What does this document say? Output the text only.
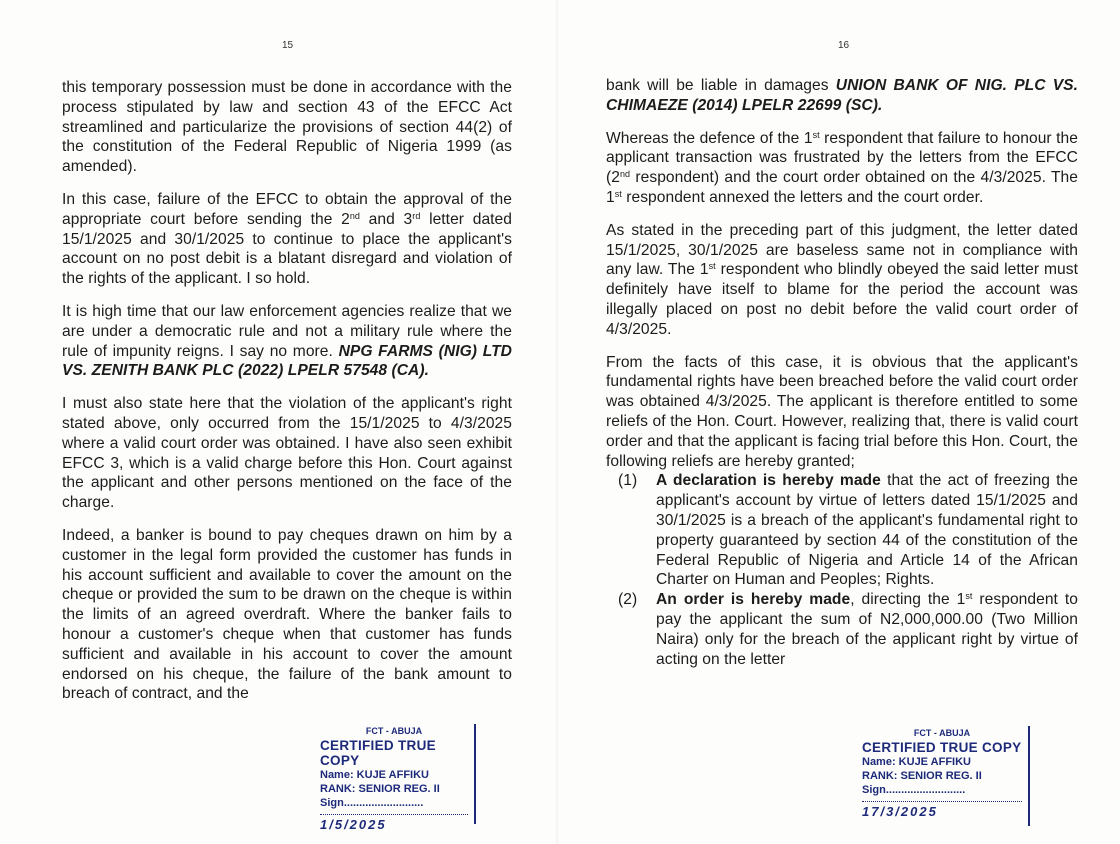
15

this temporary possession must be done in accordance with the process stipulated by law and section 43 of the EFCC Act streamlined and particularize the provisions of section 44(2) of the constitution of the Federal Republic of Nigeria 1999 (as amended).

In this case, failure of the EFCC to obtain the approval of the appropriate court before sending the 2nd and 3rd letter dated 15/1/2025 and 30/1/2025 to continue to place the applicant's account on no post debit is a blatant disregard and violation of the rights of the applicant. I so hold.

It is high time that our law enforcement agencies realize that we are under a democratic rule and not a military rule where the rule of impunity reigns. I say no more. NPG FARMS (NIG) LTD VS. ZENITH BANK PLC (2022) LPELR 57548 (CA).

I must also state here that the violation of the applicant's right stated above, only occurred from the 15/1/2025 to 4/3/2025 where a valid court order was obtained. I have also seen exhibit EFCC 3, which is a valid charge before this Hon. Court against the applicant and other persons mentioned on the face of the charge.

Indeed, a banker is bound to pay cheques drawn on him by a customer in the legal form provided the customer has funds in his account sufficient and available to cover the amount on the cheque or provided the sum to be drawn on the cheque is within the limits of an agreed overdraft. Where the banker fails to honour a customer's cheque when that customer has funds sufficient and available in his account to cover the amount endorsed on his cheque, the failure of the bank amount to breach of contract, and the

FCT - ABUJA
CERTIFIED TRUE COPY
Name: KUJE AFFIKU
RANK: SENIOR REG. II
Sign..........................
1/5/2025
16

bank will be liable in damages UNION BANK OF NIG. PLC VS. CHIMAEZE (2014) LPELR 22699 (SC).

Whereas the defence of the 1st respondent that failure to honour the applicant transaction was frustrated by the letters from the EFCC (2nd respondent) and the court order obtained on the 4/3/2025. The 1st respondent annexed the letters and the court order.

As stated in the preceding part of this judgment, the letter dated 15/1/2025, 30/1/2025 are baseless same not in compliance with any law. The 1st respondent who blindly obeyed the said letter must definitely have itself to blame for the period the account was illegally placed on post no debit before the valid court order of 4/3/2025.

From the facts of this case, it is obvious that the applicant's fundamental rights have been breached before the valid court order was obtained 4/3/2025. The applicant is therefore entitled to some reliefs of the Hon. Court. However, realizing that, there is valid court order and that the applicant is facing trial before this Hon. Court, the following reliefs are hereby granted;

(1)	A declaration is hereby made that the act of freezing the applicant's account by virtue of letters dated 15/1/2025 and 30/1/2025 is a breach of the applicant's fundamental right to property guaranteed by section 44 of the constitution of the Federal Republic of Nigeria and Article 14 of the African Charter on Human and Peoples; Rights.
(2)	An order is hereby made, directing the 1st respondent to pay the applicant the sum of N2,000,000.00 (Two Million Naira) only for the breach of the applicant right by virtue of acting on the letter
FCT - ABUJA
CERTIFIED TRUE COPY
Name: KUJE AFFIKU
RANK: SENIOR REG. II
Sign..........................
17/3/2025
